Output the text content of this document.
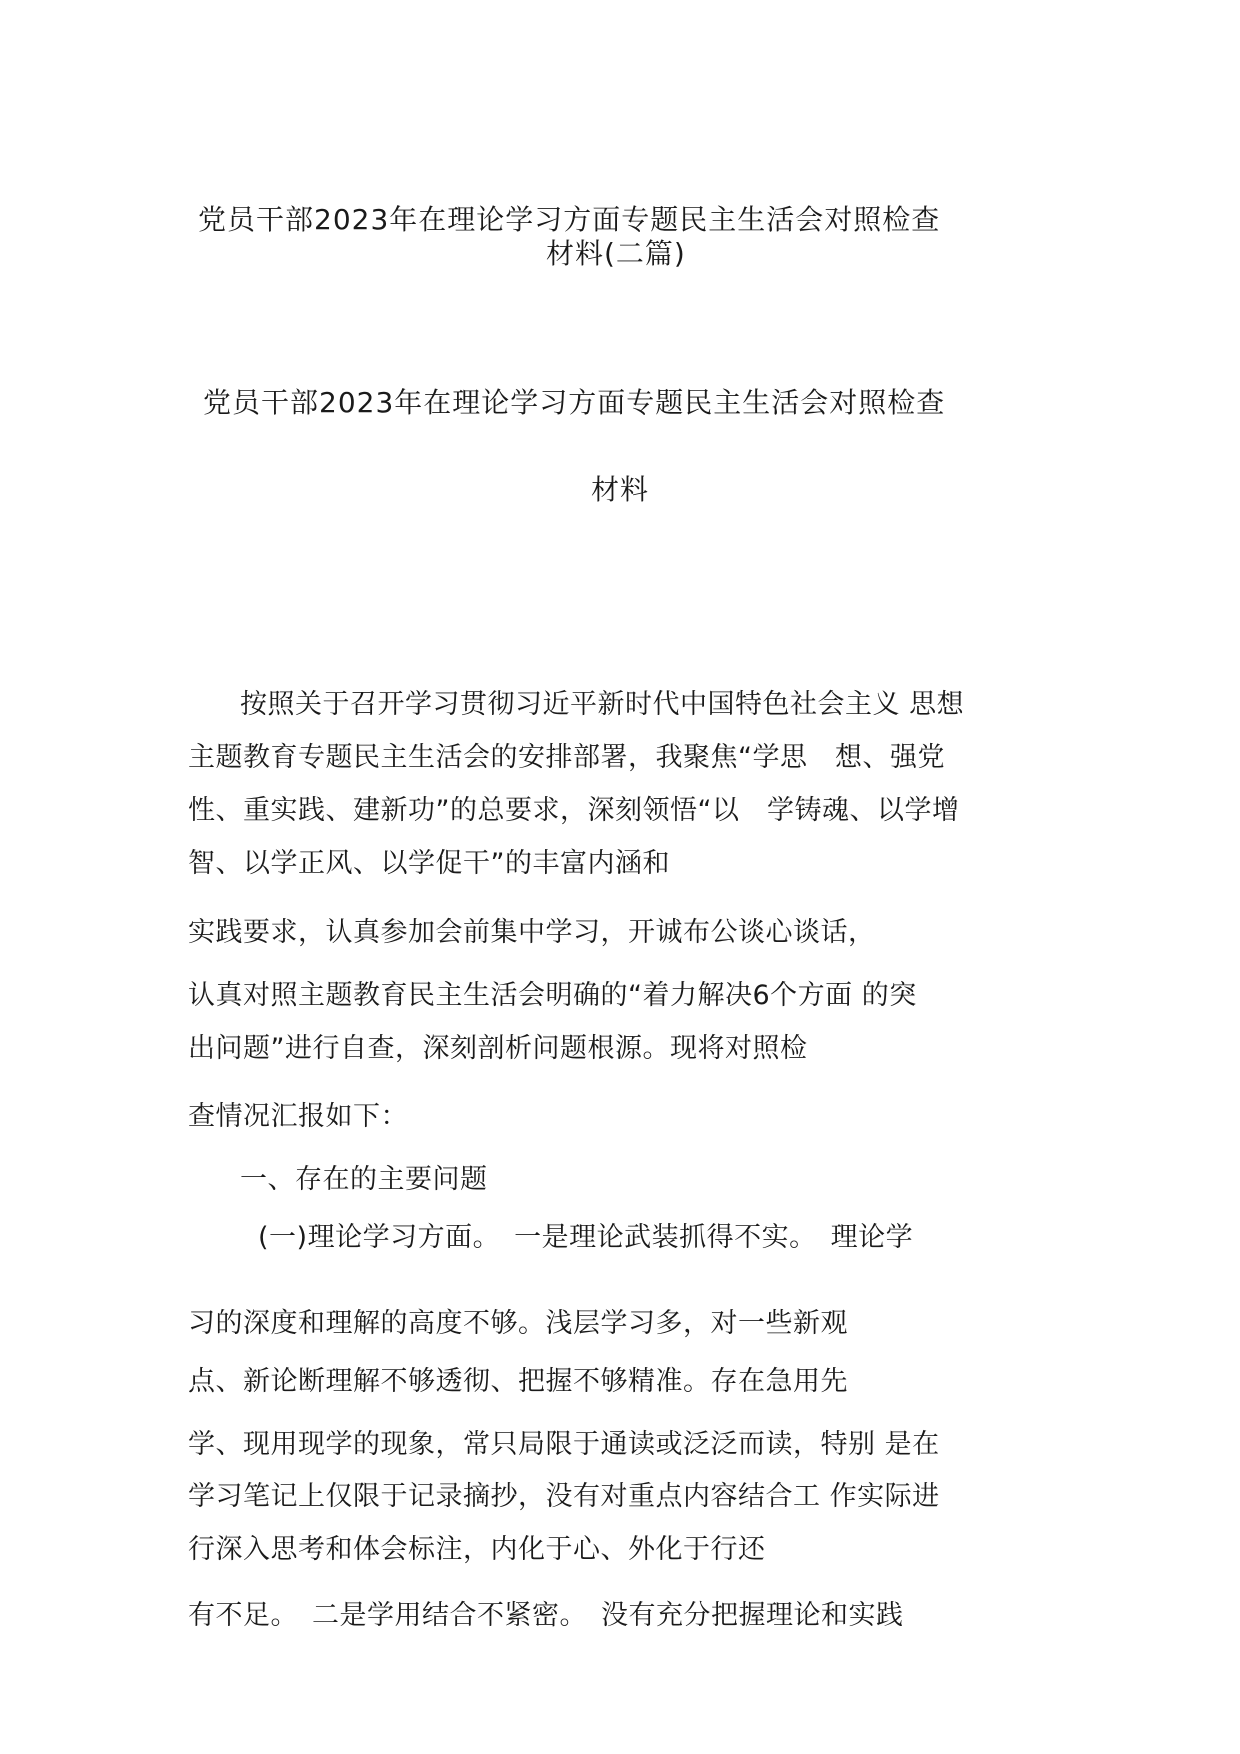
党员干部2023年在理论学习方面专题民主生活会对照检查
材料(二篇)
党员干部2023年在理论学习方面专题民主生活会对照检查
材料
按照关于召开学习贯彻习近平新时代中国特色社会主义 思想
主题教育专题民主生活会的安排部署，我聚焦“学思　想、强党
性、重实践、建新功”的总要求，深刻领悟“以　学铸魂、以学增
智、以学正风、以学促干”的丰富内涵和
实践要求，认真参加会前集中学习，开诚布公谈心谈话，
认真对照主题教育民主生活会明确的“着力解决6个方面 的突
出问题”进行自查，深刻剖析问题根源。现将对照检
查情况汇报如下：
一、存在的主要问题
(一)理论学习方面。　一是理论武装抓得不实。　理论学
习的深度和理解的高度不够。浅层学习多，对一些新观
点、新论断理解不够透彻、把握不够精准。存在急用先
学、现用现学的现象，常只局限于通读或泛泛而读，特别 是在
学习笔记上仅限于记录摘抄，没有对重点内容结合工 作实际进
行深入思考和体会标注，内化于心、外化于行还
有不足。　二是学用结合不紧密。　没有充分把握理论和实践
